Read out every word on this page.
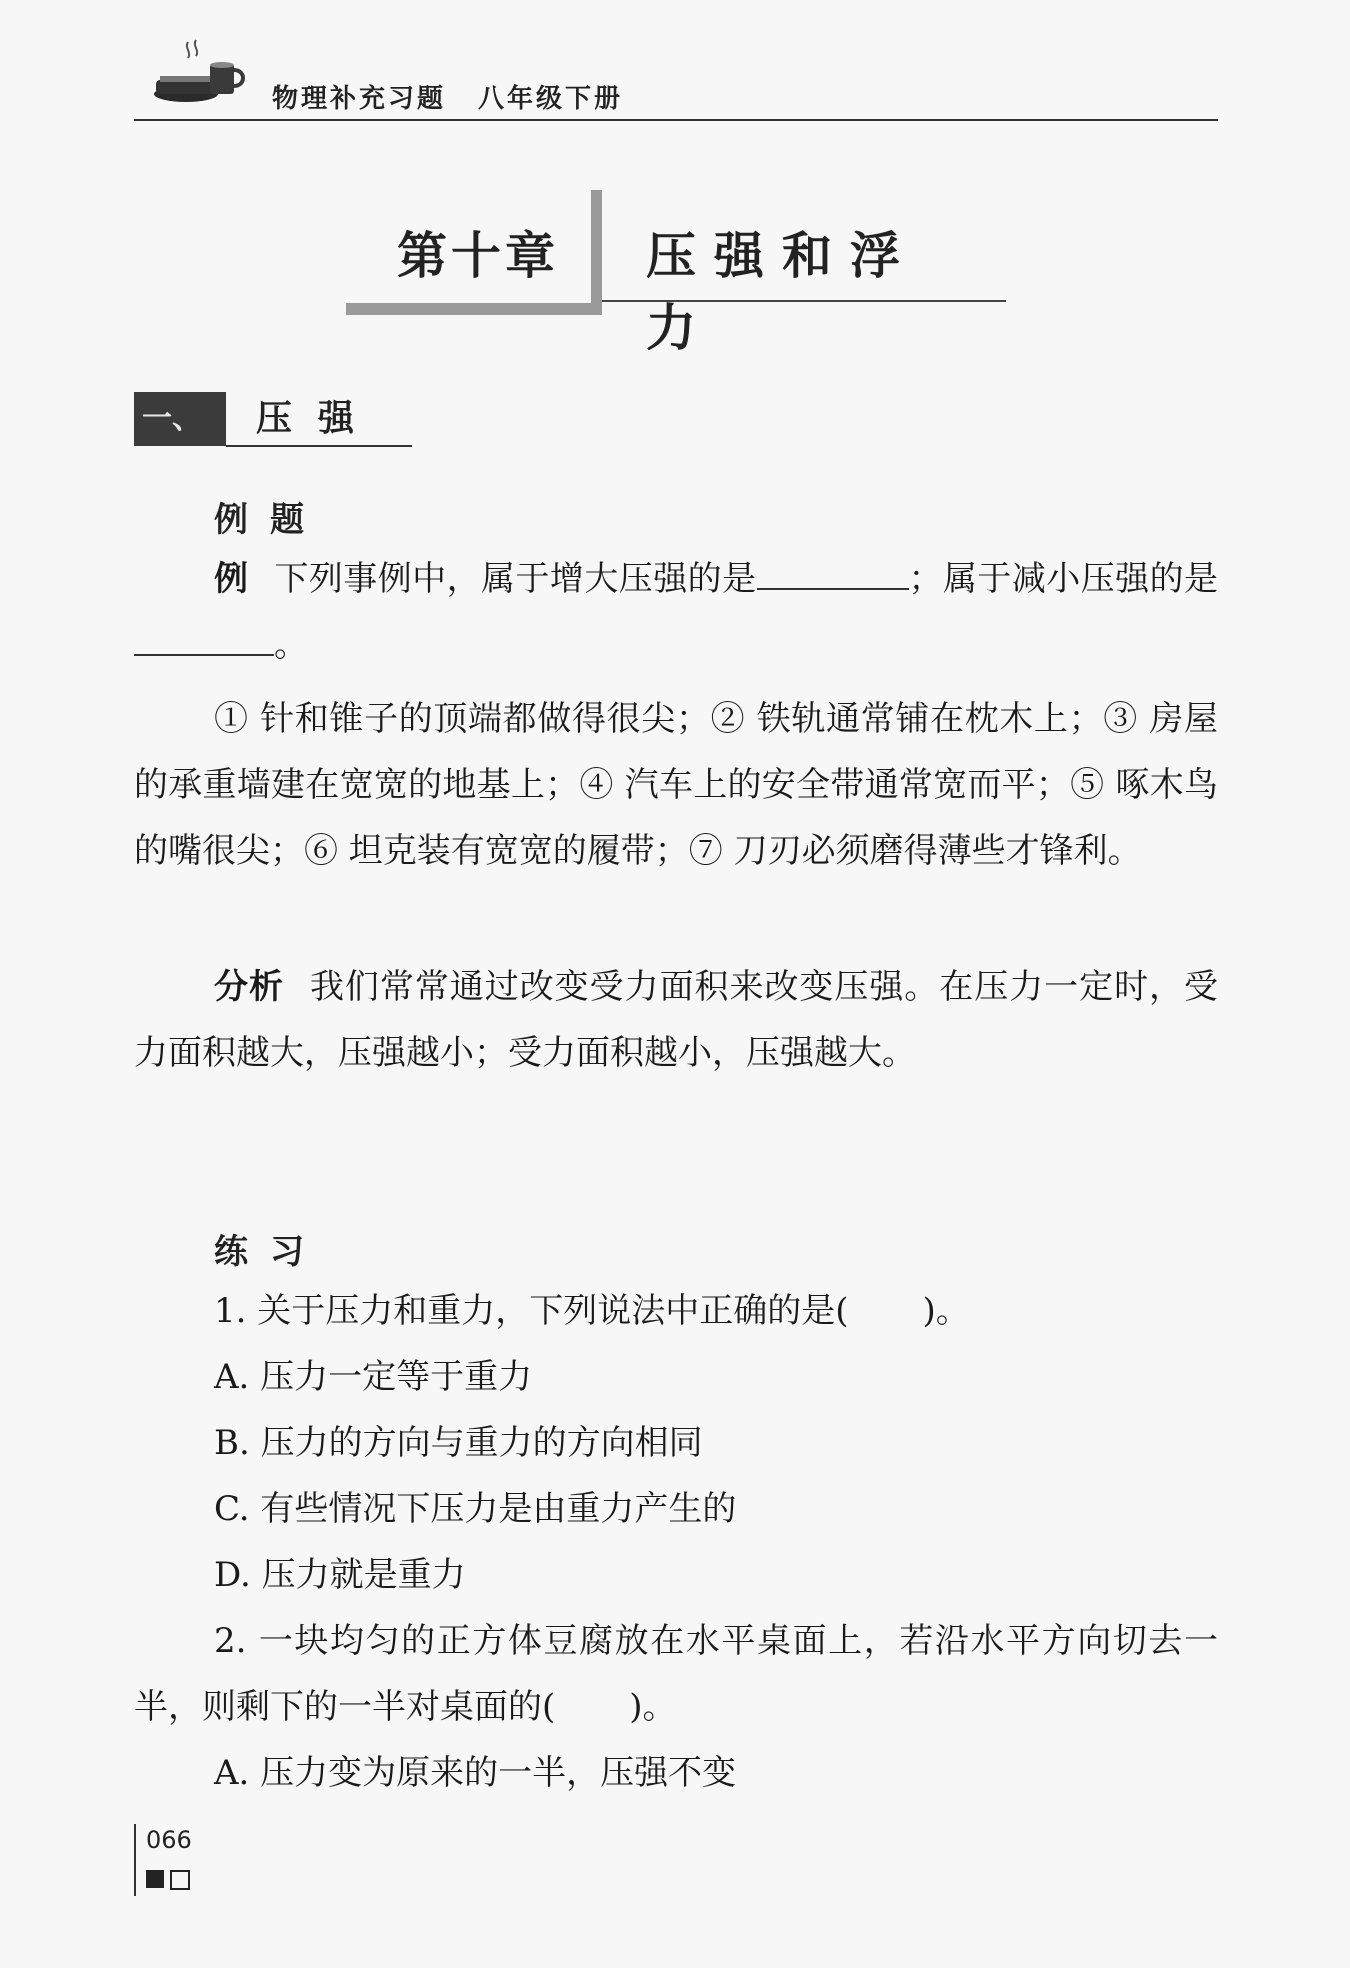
物理补充习题 八年级下册
第十章 压强和浮力
一、	压强
例题

例 下列事例中，属于增大压强的是	；属于减小压强的是。

① 针和锥子的顶端都做得很尖；② 铁轨通常铺在枕木上；③ 房屋的承重墙建在宽宽的地基上；④ 汽车上的安全带通常宽而平；⑤ 啄木鸟的嘴很尖；⑥ 坦克装有宽宽的履带；⑦ 刀刃必须磨得薄些才锋利。

分析 我们常常通过改变受力面积来改变压强。在压力一定时，受力面积越大，压强越小；受力面积越小，压强越大。

练习
1. 关于压力和重力，下列说法中正确的是( )。
A. 压力一定等于重力
B. 压力的方向与重力的方向相同
C. 有些情况下压力是由重力产生的
D. 压力就是重力

2. 一块均匀的正方体豆腐放在水平桌面上，若沿水平方向切去一半，则剩下的一半对桌面的( )。

A. 压力变为原来的一半，压强不变
066
